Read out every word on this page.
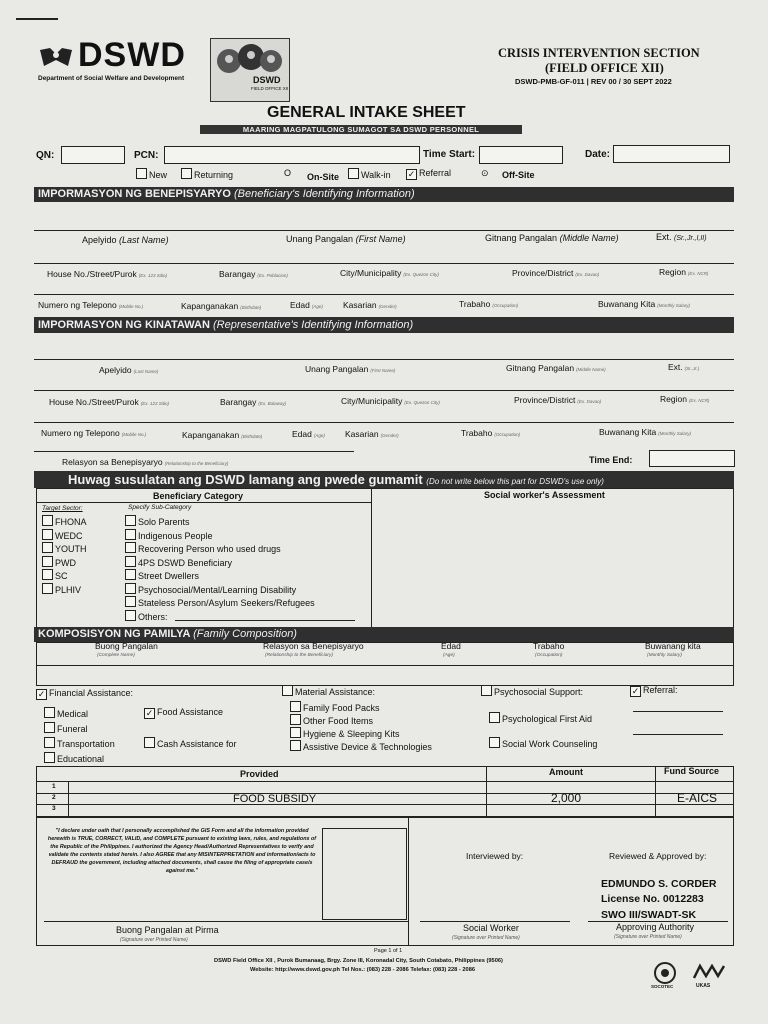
DSWD
Department of Social Welfare and Development	DSWD
FIELD OFFICE XII
CRISIS INTERVENTION SECTION
(FIELD OFFICE XII)
DSWD-PMB-GF-011 | REV 00 / 30 SEPT 2022
GENERAL INTAKE SHEET
MAARING MAGPATULONG SUMAGOT SA DSWD PERSONNEL
QN:	PCN:	Time Start:	Date:
New	Returning	O On-Site	Walk-in ✓ Referral	⊙ Off-Site
IMPORMASYON NG BENEPISYARYO (Beneficiary's Identifying Information)
Apelyido (Last Name)	Unang Pangalan (First Name)	Gitnang Pangalan (Middle Name)	Ext. (Sr.,Jr.,I,II)
House No./Street/Purok (Ex. 123 Sitio)	Barangay (Ex. Poblacion)	City/Municipality (Ex. Quezon City)	Province/District (Ex. Davao)	Region (Ex. NCR)
Numero ng Telepono (Mobile No.)	Kapanganakan (Birthdate)	Edad (Age) Kasarian (Gender)	Trabaho (Occupation)	Buwanang Kita (Monthly Salary)
IMPORMASYON NG KINATAWAN (Representative's Identifying Information)
Apelyido (Last Name)	Unang Pangalan (First Name)	Gitnang Pangalan (Middle Name)	Ext. (Sr.,Jr.)
House No./Street/Purok (Ex. 123 Sitio)	Barangay (Ex. Balaway)	City/Municipality (Ex. Quezon City)	Province/District (Ex. Davao)	Region (Ex. NCR)
Numero ng Telepono (Mobile No.)	Kapanganakan (Birthdate)	Edad (Age) Kasarian (Gender)	Trabaho (Occupation)	Buwanang Kita (Monthly Salary)
Relasyon sa Benepisyaryo (Relationship to the Beneficiary)	Time End:
Huwag susulatan ang DSWD lamang ang pwede gumamit (Do not write below this part for DSWD's use only)
Beneficiary Category	Social worker's Assessment
Target Sector:	Specify Sub-Category
FHONA
WEDC
YOUTH
PWD
SC
PLHIV
Solo Parents
Indigenous People
Recovering Person who used drugs
4PS DSWD Beneficiary
Street Dwellers
Psychosocial/Mental/Learning Disability
Stateless Person/Asylum Seekers/Refugees
Others:
KOMPOSISYON NG PAMILYA (Family Composition)
Buong Pangalan
(Complete Name)
Relasyon sa Benepisyaryo
(Relationship to the Beneficiary)
Edad
(Age)
Trabaho
(Occupation)
Buwanang kita
(Monthly Salary)
✓ Financial Assistance:
Medical
Funeral
Transportation
Educational
✓ Food Assistance
Cash Assistance for
Material Assistance:
Family Food Packs
Other Food Items
Hygiene & Sleeping Kits
Assistive Device & Technologies
Psychosocial Support:
Psychological First Aid
Social Work Counseling
✓ Referral:
Provided	Amount	Fund Source
1
2	FOOD SUBSIDY	2,000	E-AICS
3
"I declare under oath that I personally accomplished the GIS Form and all the information provided herewith is TRUE, CORRECT, VALID, and COMPLETE pursuant to existing laws, rules, and regulations of the Republic of the Philippines. I authorized the Agency Head/Authorized Representatives to verify and validate the contents stated herein. I also AGREE that any MISINTERPRETATION and information/acts to DEFRAUD the government, including attached documents, shall cause the filing of appropriate case/s against me."
Buong Pangalan at Pirma
(Signature over Printed Name)
Interviewed by:	Reviewed & Approved by:
EDMUNDO S. CORDER
License No. 0012283
SWO III/SWADT-SK
Social Worker
(Signature over Printed Name)
Approving Authority
(Signature over Printed Name)
Page 1 of 1
DSWD Field Office XII , Purok Bumanaag, Brgy. Zone III, Koronadal City, South Cotabato, Philippines (9506)
Website: http://www.dswd.gov.ph Tel Nos.: (083) 228 - 2086 Telefax: (083) 228 - 2086
SOCOTEC	UKAS
